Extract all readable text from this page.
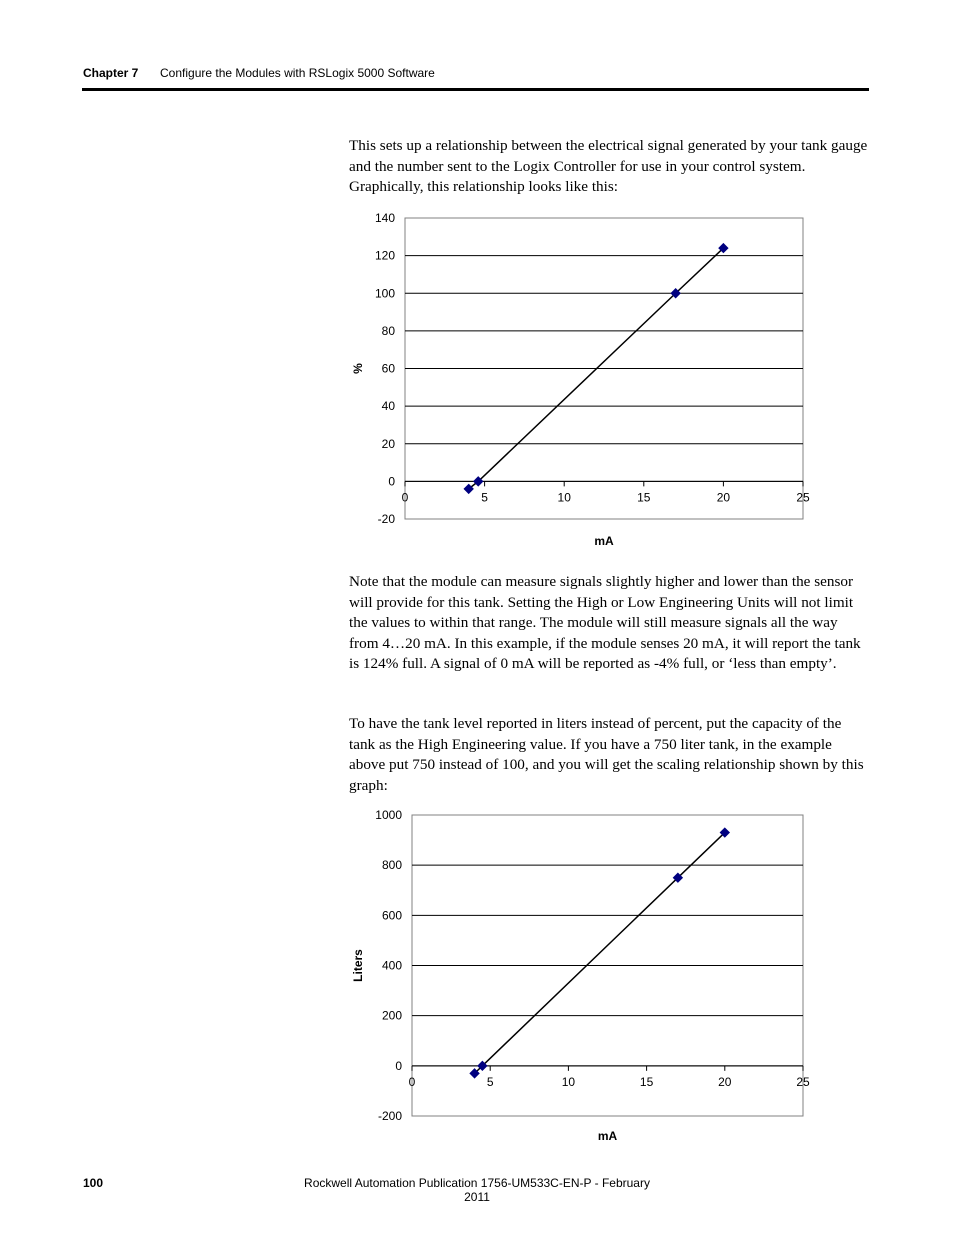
Chapter 7 Configure the Modules with RSLogix 5000 Software

This sets up a relationship between the electrical signal generated by your tank gauge and the number sent to the Logix Controller for use in your control system. Graphically, this relationship looks like this:

-20
0
20
40
60
80
100
120
140
0	5	10	15	20	25
mA
%

Note that the module can measure signals slightly higher and lower than the sensor will provide for this tank. Setting the High or Low Engineering Units will not limit the values to within that range. The module will still measure signals all the way from 4…20 mA. In this example, if the module senses 20 mA, it will report the tank is 124% full. A signal of 0 mA will be reported as -4% full, or ‘less than empty’.

To have the tank level reported in liters instead of percent, put the capacity of the tank as the High Engineering value. If you have a 750 liter tank, in the example above put 750 instead of 100, and you will get the scaling relationship shown by this graph:

-200
0
200
400
600
800
1000
0	5	10	15	20	25
mA
Liters
100	Rockwell Automation Publication 1756-UM533C-EN-P - February 2011
